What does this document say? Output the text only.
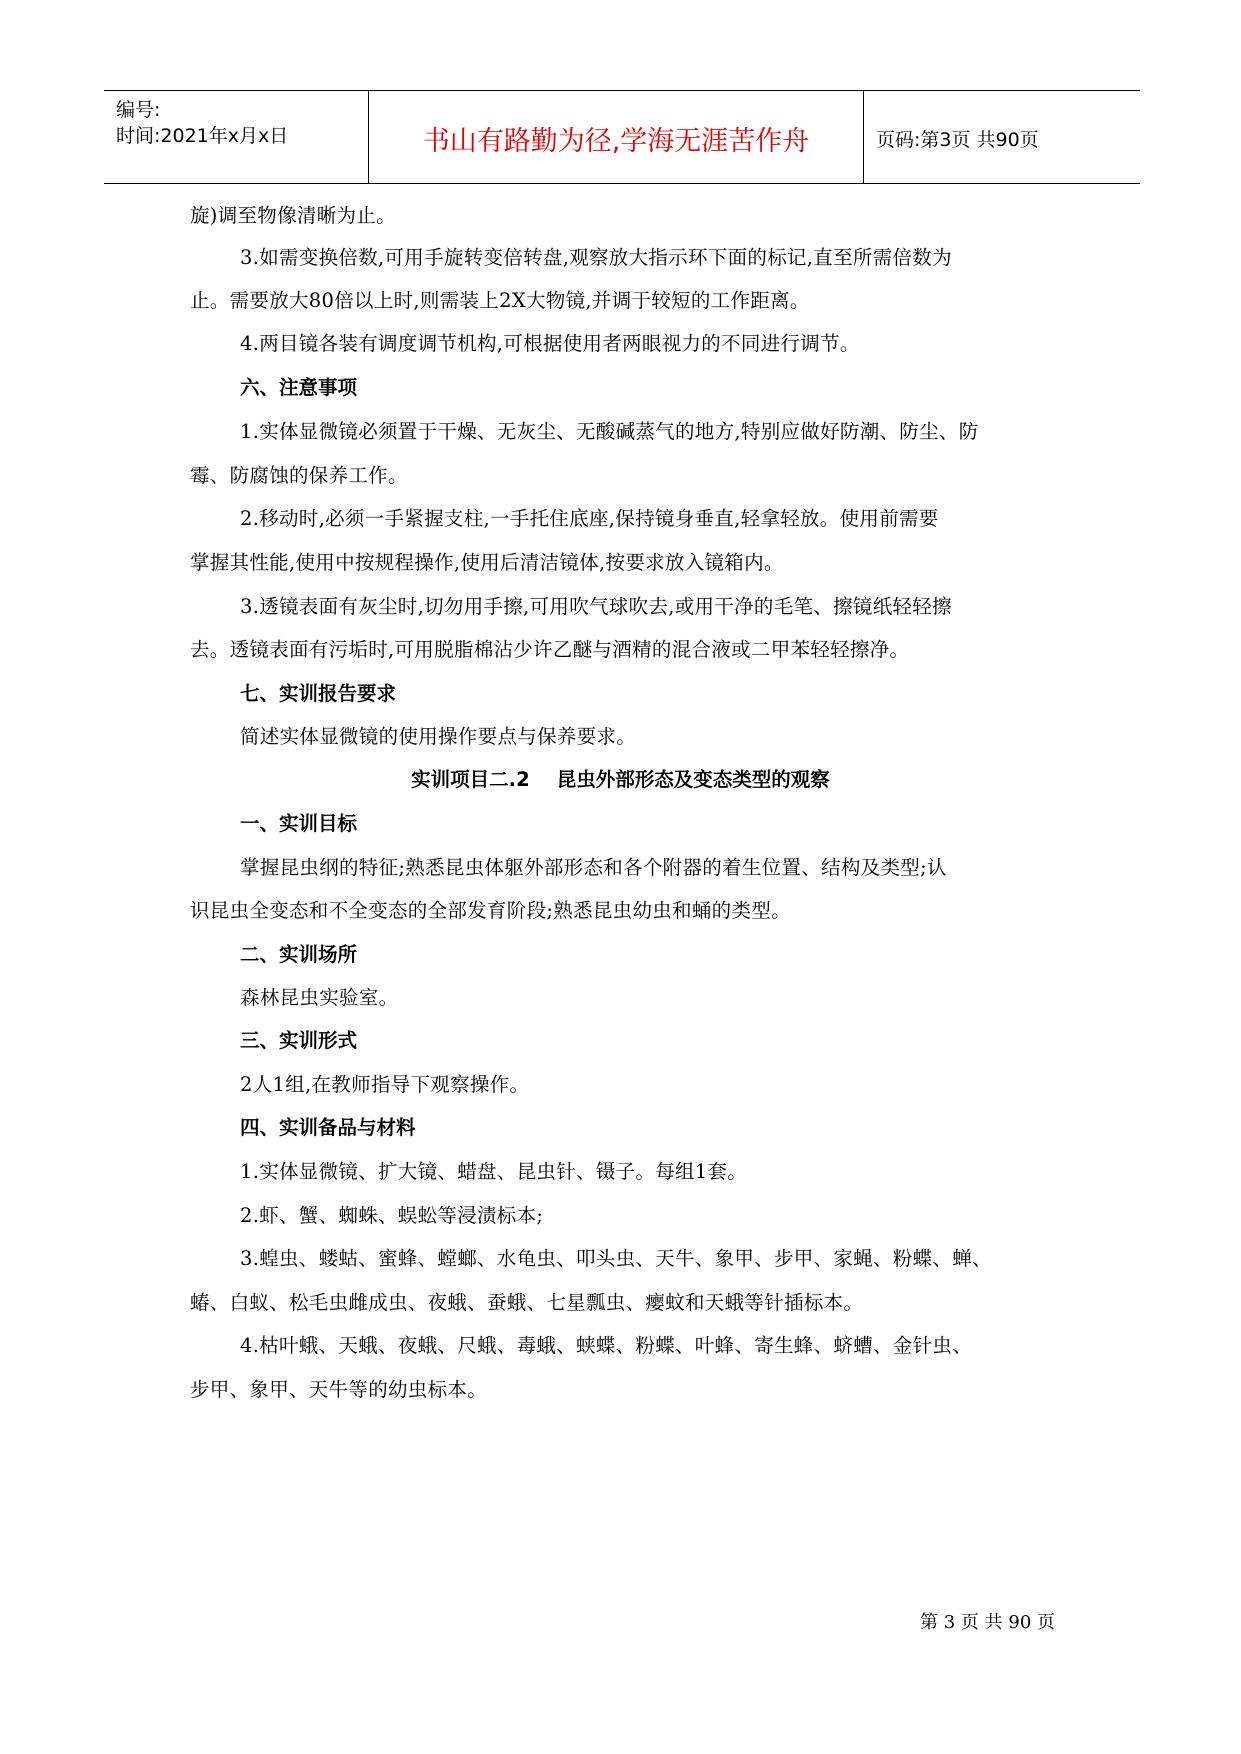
编号:
时间:2021年x月x日	书山有路勤为径,学海无涯苦作舟	页码:第3页 共90页
旋)调至物像清晰为止。
3.如需变换倍数,可用手旋转变倍转盘,观察放大指示环下面的标记,直至所需倍数为
止。需要放大80倍以上时,则需装上2X大物镜,并调于较短的工作距离。
4.两目镜各装有调度调节机构,可根据使用者两眼视力的不同进行调节。
六、注意事项
1.实体显微镜必须置于干燥、无灰尘、无酸碱蒸气的地方,特别应做好防潮、防尘、防
霉、防腐蚀的保养工作。
2.移动时,必须一手紧握支柱,一手托住底座,保持镜身垂直,轻拿轻放。使用前需要
掌握其性能,使用中按规程操作,使用后清洁镜体,按要求放入镜箱内。
3.透镜表面有灰尘时,切勿用手擦,可用吹气球吹去,或用干净的毛笔、擦镜纸轻轻擦
去。透镜表面有污垢时,可用脱脂棉沾少许乙醚与酒精的混合液或二甲苯轻轻擦净。
七、实训报告要求
简述实体显微镜的使用操作要点与保养要求。
实训项目二.2    昆虫外部形态及变态类型的观察
一、实训目标
掌握昆虫纲的特征;熟悉昆虫体躯外部形态和各个附器的着生位置、结构及类型;认
识昆虫全变态和不全变态的全部发育阶段;熟悉昆虫幼虫和蛹的类型。
二、实训场所
森林昆虫实验室。
三、实训形式
2人1组,在教师指导下观察操作。
四、实训备品与材料
1.实体显微镜、扩大镜、蜡盘、昆虫针、镊子。每组1套。
2.虾、蟹、蜘蛛、蜈蚣等浸渍标本;
3.蝗虫、蝼蛄、蜜蜂、螳螂、水龟虫、叩头虫、天牛、象甲、步甲、家蝇、粉蝶、蝉、
蝽、白蚁、松毛虫雌成虫、夜蛾、蚕蛾、七星瓢虫、瘿蚊和天蛾等针插标本。
4.枯叶蛾、天蛾、夜蛾、尺蛾、毒蛾、蛱蝶、粉蝶、叶蜂、寄生蜂、蛴螬、金针虫、
步甲、象甲、天牛等的幼虫标本。
第 3 页 共 90 页
